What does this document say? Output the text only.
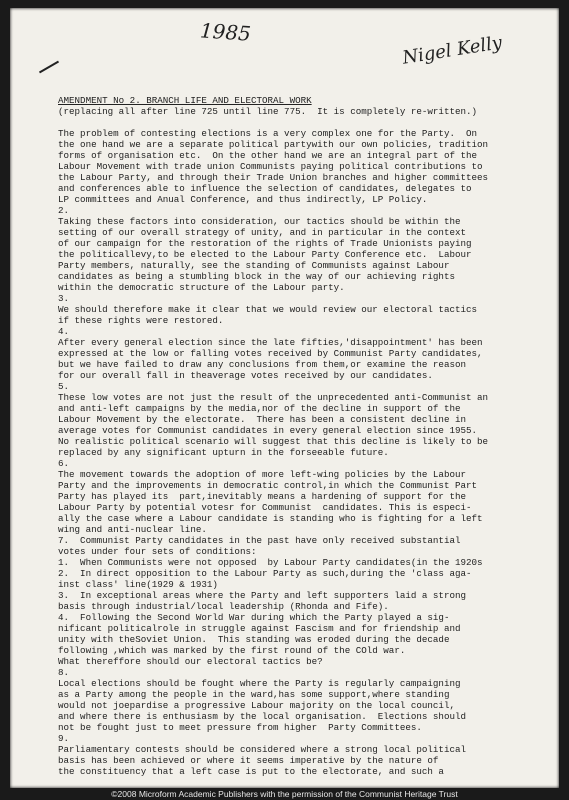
1985
Nigel Kelly
AMENDMENT No 2. BRANCH LIFE AND ELECTORAL WORK
(replacing all after line 725 until line 775.  It is completely re-written.)

The problem of contesting elections is a very complex one for the Party.  On
the one hand we are a separate political partywith our own policies, tradition
forms of organisation etc.  On the other hand we are an integral part of the
Labour Movement with trade union Communists paying political contributions to
the Labour Party, and through their Trade Union branches and higher committees
and conferences able to influence the selection of candidates, delegates to
LP committees and Anual Conference, and thus indirectly, LP Policy.
2.
Taking these factors into consideration, our tactics should be within the
setting of our overall strategy of unity, and in particular in the context
of our campaign for the restoration of the rights of Trade Unionists paying
the politicallevy,to be elected to the Labour Party Conference etc.  Labour
Party members, naturally, see the standing of Communists against Labour
candidates as being a stumbling block in the way of our achieving rights
within the democratic structure of the Labour party.
3.
We should therefore make it clear that we would review our electoral tactics
if these rights were restored.
4.
After every general election since the late fifties,'disappointment' has been
expressed at the low or falling votes received by Communist Party candidates,
but we have failed to draw any conclusions from them,or examine the reason
for our overall fall in theaverage votes received by our candidates.
5.
These low votes are not just the result of the unprecedented anti-Communist an
and anti-left campaigns by the media,nor of the decline in support of the
Labour Movement by the electorate.  There has been a consistent decline in
average votes for Communist candidates in every general election since 1955.
No realistic political scenario will suggest that this decline is likely to be
replaced by any significant upturn in the forseeable future.
6.
The movement towards the adoption of more left-wing policies by the Labour
Party and the improvements in democratic control,in which the Communist Part
Party has played its  part,inevitably means a hardening of support for the
Labour Party by potential votesr for Communist  candidates. This is especi-
ally the case where a Labour candidate is standing who is fighting for a left
wing and anti-nuclear line.
7.  Communist Party candidates in the past have only received substantial
votes under four sets of conditions:
1.  When Communists were not opposed  by Labour Party candidates(in the 1920s
2.  In direct opposition to the Labour Party as such,during the 'class aga-
inst class' line(1929 & 1931)
3.  In exceptional areas where the Party and left supporters laid a strong
basis through industrial/local leadership (Rhonda and Fife).
4.  Following the Second World War during which the Party played a sig-
nificant politicalrole in struggle against Fascism and for friendship and
unity with theSoviet Union.  This standing was eroded during the decade
following ,which was marked by the first round of the COld war.
What thereffore should our electoral tactics be?
8.
Local elections should be fought where the Party is regularly campaigning
as a Party among the people in the ward,has some support,where standing
would not joepardise a progressive Labour majority on the local council,
and where there is enthusiasm by the local organisation.  Elections should
not be fought just to meet pressure from higher  Party Committees.
9.
Parliamentary contests should be considered where a strong local political
basis has been achieved or where it seems imperative by the nature of
the constituency that a left case is put to the electorate, and such a
©2008 Microform Academic Publishers with the permission of the Communist Heritage Trust
